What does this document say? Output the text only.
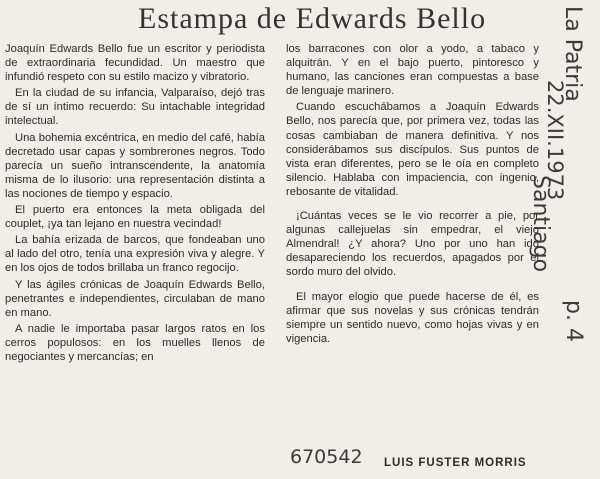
Estampa de Edwards Bello

Joaquín Edwards Bello fue un escritor y periodista de extraordinaria fecundidad. Un maestro que infundió respeto con su estilo macizo y vibratorio.

En la ciudad de su infancia, Valparaíso, dejó tras de sí un íntimo recuerdo: Su intachable integridad intelectual.

Una bohemia excéntrica, en medio del café, había decretado usar capas y sombrerones negros. Todo parecía un sueño intranscendente, la anatomía misma de lo ilusorio: una representación distinta a las nociones de tiempo y espacio.

El puerto era entonces la meta obligada del couplet, ¡ya tan lejano en nuestra vecindad!

La bahía erizada de barcos, que fondeaban uno al lado del otro, tenía una expresión viva y alegre. Y en los ojos de todos brillaba un franco regocijo.

Y las ágiles crónicas de Joaquín Edwards Bello, penetrantes e independientes, circulaban de mano en mano.

A nadie le importaba pasar largos ratos en los cerros populosos: en los muelles llenos de negociantes y mercancías; en

los barracones con olor a yodo, a tabaco y alquitrán. Y en el bajo puerto, pintoresco y humano, las canciones eran compuestas a base de lenguaje marinero.

Cuando escuchábamos a Joaquín Edwards Bello, nos parecía que, por primera vez, todas las cosas cambiaban de manera definitiva. Y nos considerábamos sus discípulos. Sus puntos de vista eran diferentes, pero se le oía en completo silencio. Hablaba con impaciencia, con ingenio, rebosante de vitalidad.

¡Cuántas veces se le vio recorrer a pie, por algunas callejuelas sin empedrar, el viejo Almendral! ¿Y ahora? Uno por uno han ido desapareciendo los recuerdos, apagados por el sordo muro del olvido.

El mayor elogio que puede hacerse de él, es afirmar que sus novelas y sus crónicas tendrán siempre un sentido nuevo, como hojas vivas y en vigencia.

LUIS FUSTER MORRIS
La Patria
22.XII.1973
Santiago
p. 4
670542
